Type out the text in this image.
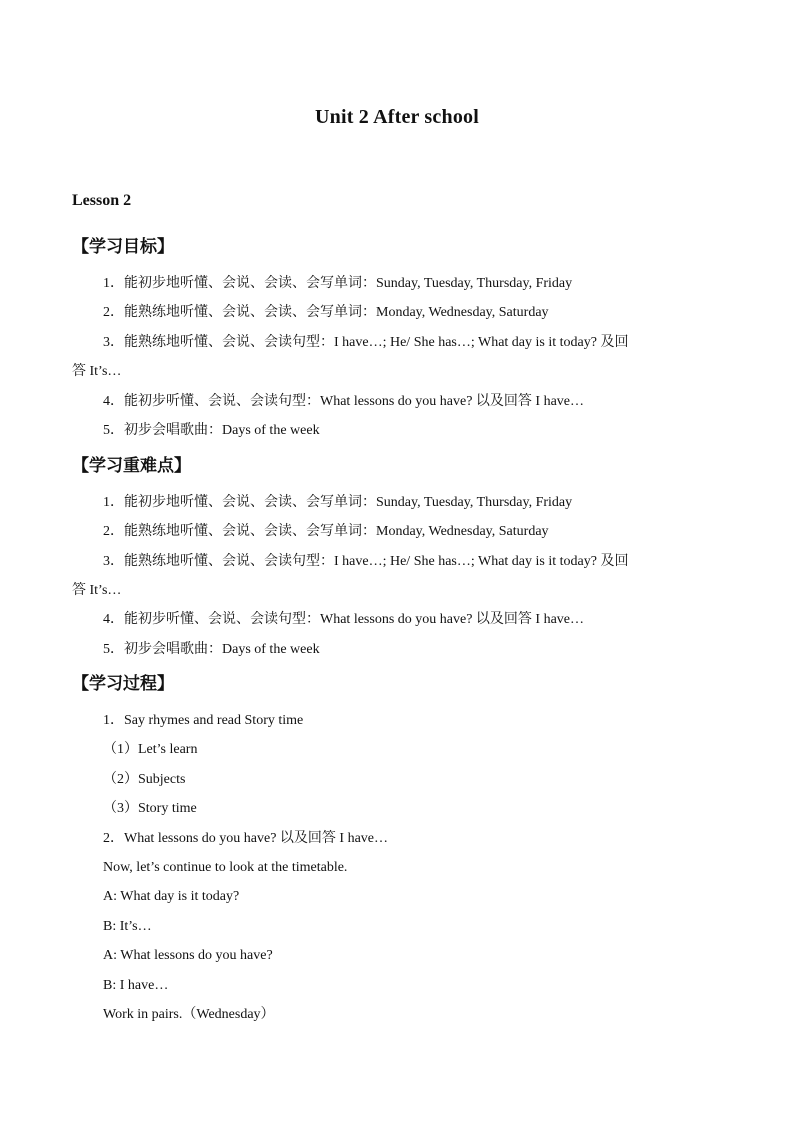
Unit 2 After school
Lesson 2
【学习目标】
1．能初步地听懂、会说、会读、会写单词：Sunday, Tuesday, Thursday, Friday
2．能熟练地听懂、会说、会读、会写单词：Monday, Wednesday, Saturday
3．能熟练地听懂、会说、会读句型：I have…; He/ She has…; What day is it today? 及回
答 It’s…
4．能初步听懂、会说、会读句型：What lessons do you have? 以及回答 I have…
5．初步会唱歌曲：Days of the week
【学习重难点】
1．能初步地听懂、会说、会读、会写单词：Sunday, Tuesday, Thursday, Friday
2．能熟练地听懂、会说、会读、会写单词：Monday, Wednesday, Saturday
3．能熟练地听懂、会说、会读句型：I have…; He/ She has…; What day is it today? 及回
答 It’s…
4．能初步听懂、会说、会读句型：What lessons do you have? 以及回答 I have…
5．初步会唱歌曲：Days of the week
【学习过程】
1．Say rhymes and read Story time
（1）Let’s learn
（2）Subjects
（3）Story time
2．What lessons do you have? 以及回答 I have…
Now, let’s continue to look at the timetable.
A: What day is it today?
B: It’s…
A: What lessons do you have?
B: I have…
Work in pairs.（Wednesday）
